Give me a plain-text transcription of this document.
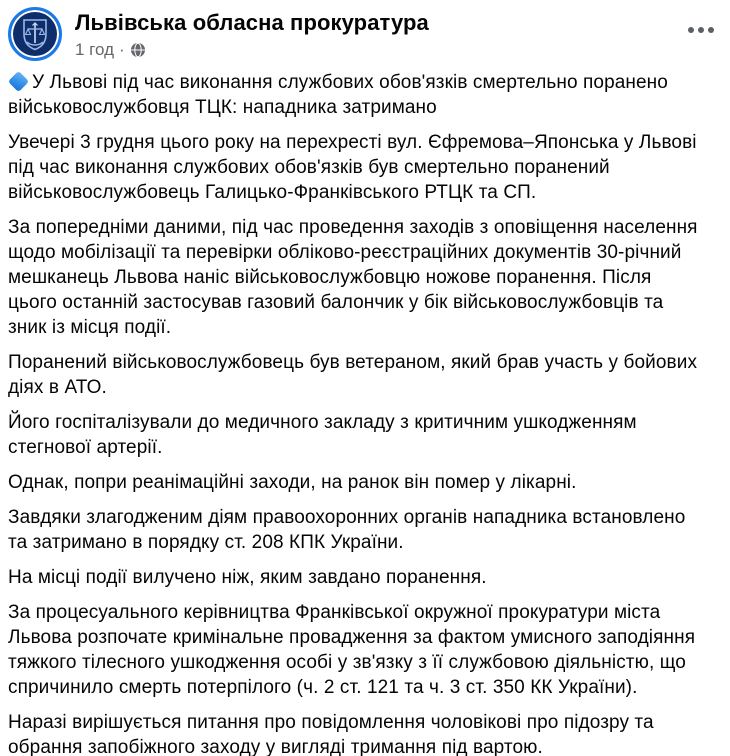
Львівська обласна прокуратура
1 год ·

У Львові під час виконання службових обов'язків смертельно поранено військовослужбовця ТЦК: нападника затримано

Увечері 3 грудня цього року на перехресті вул. Єфремова–Японська у Львові під час виконання службових обов'язків був смертельно поранений військовослужбовець Галицько-Франківського РТЦК та СП.

За попередніми даними, під час проведення заходів з оповіщення населення щодо мобілізації та перевірки обліково-реєстраційних документів 30-річний мешканець Львова наніс військовослужбовцю ножове поранення. Після цього останній застосував газовий балончик у бік військовослужбовців та зник із місця події.

Поранений військовослужбовець був ветераном, який брав участь у бойових діях в АТО.

Його госпіталізували до медичного закладу з критичним ушкодженням стегнової артерії.

Однак, попри реанімаційні заходи, на ранок він помер у лікарні.

Завдяки злагодженим діям правоохоронних органів нападника встановлено та затримано в порядку ст. 208 КПК України.

На місці події вилучено ніж, яким завдано поранення.

За процесуального керівництва Франківської окружної прокуратури міста Львова розпочате кримінальне провадження за фактом умисного заподіяння тяжкого тілесного ушкодження особі у зв'язку з її службовою діяльністю, що спричинило смерть потерпілого (ч. 2 ст. 121 та ч. 3 ст. 350 КК України).

Наразі вирішується питання про повідомлення чоловікові про підозру та обрання запобіжного заходу у вигляді тримання під вартою.
